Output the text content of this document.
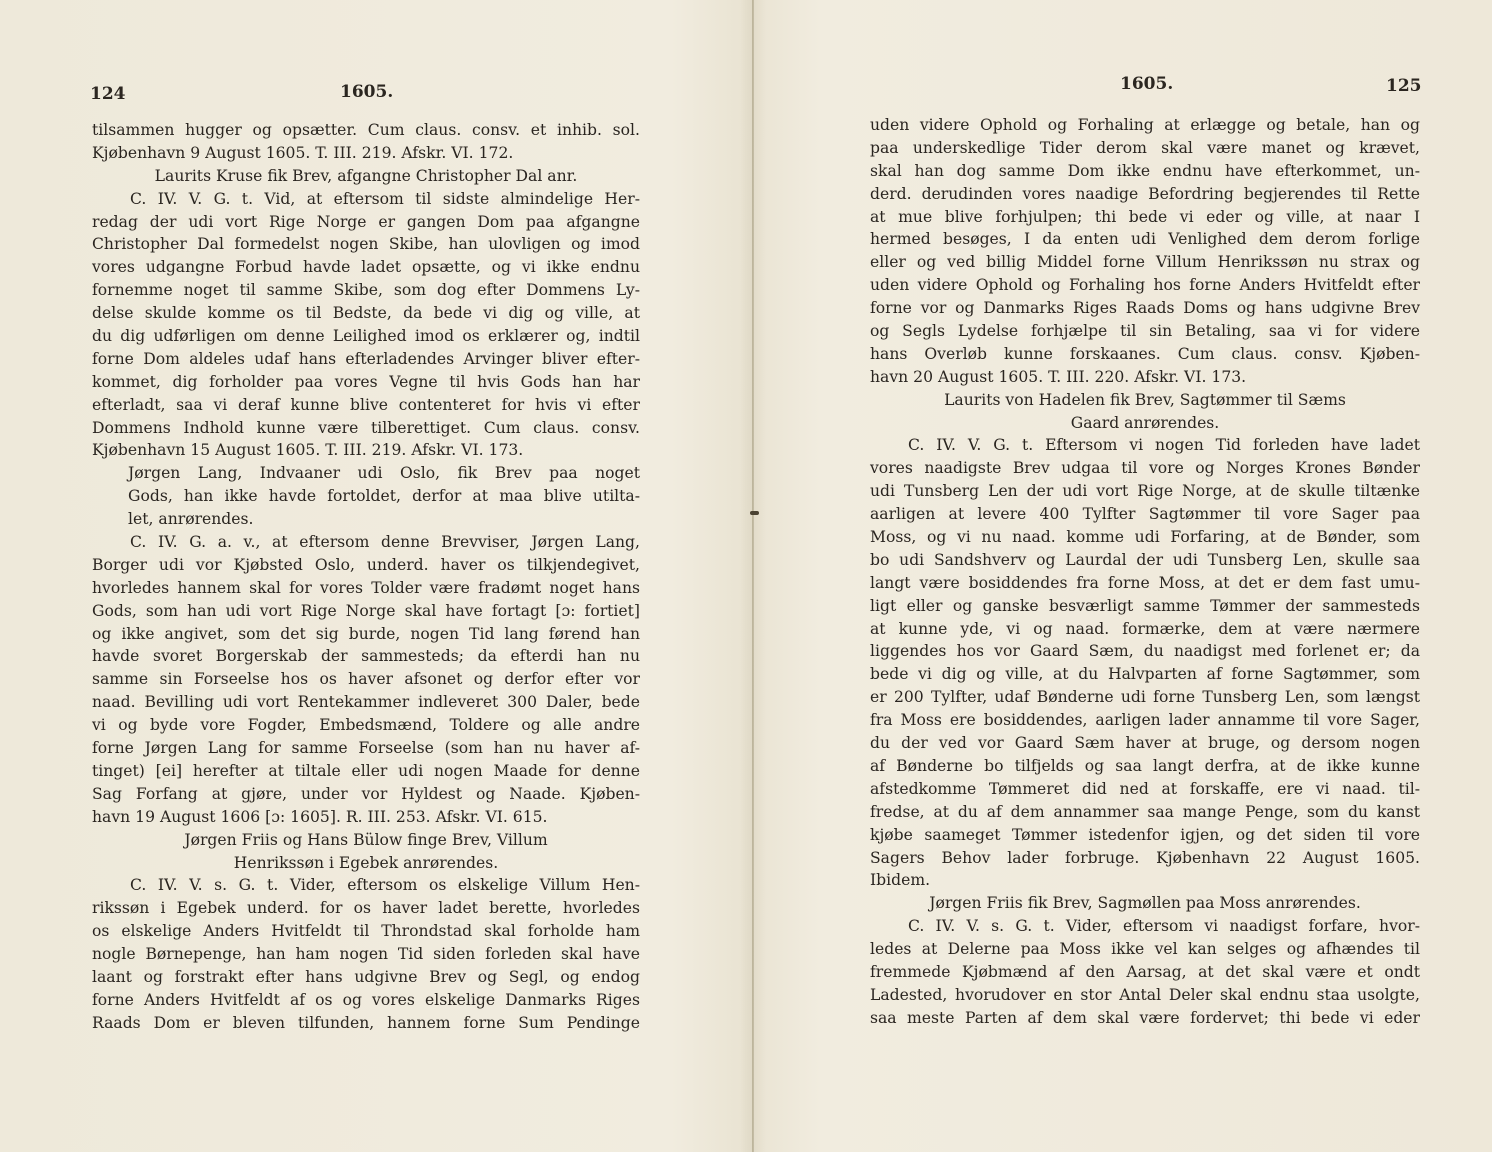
124	1605.
tilsammen hugger og opsætter. Cum claus. consv. et inhib. sol.
Kjøbenhavn 9 August 1605. T. III. 219. Afskr. VI. 172.
Laurits Kruse fik Brev, afgangne Christopher Dal anr.
C. IV. V. G. t. Vid, at eftersom til sidste almindelige Her-
redag der udi vort Rige Norge er gangen Dom paa afgangne
Christopher Dal formedelst nogen Skibe, han ulovligen og imod
vores udgangne Forbud havde ladet opsætte, og vi ikke endnu
fornemme noget til samme Skibe, som dog efter Dommens Ly-
delse skulde komme os til Bedste, da bede vi dig og ville, at
du dig udførligen om denne Leilighed imod os erklærer og, indtil
forne Dom aldeles udaf hans efterladendes Arvinger bliver efter-
kommet, dig forholder paa vores Vegne til hvis Gods han har
efterladt, saa vi deraf kunne blive contenteret for hvis vi efter
Dommens Indhold kunne være tilberettiget. Cum claus. consv.
Kjøbenhavn 15 August 1605. T. III. 219. Afskr. VI. 173.
Jørgen Lang, Indvaaner udi Oslo, fik Brev paa noget
Gods, han ikke havde fortoldet, derfor at maa blive utilta-
let, anrørendes.
C. IV. G. a. v., at eftersom denne Brevviser, Jørgen Lang,
Borger udi vor Kjøbsted Oslo, underd. haver os tilkjendegivet,
hvorledes hannem skal for vores Tolder være fradømt noget hans
Gods, som han udi vort Rige Norge skal have fortagt [ɔ: fortiet]
og ikke angivet, som det sig burde, nogen Tid lang førend han
havde svoret Borgerskab der sammesteds; da efterdi han nu
samme sin Forseelse hos os haver afsonet og derfor efter vor
naad. Bevilling udi vort Rentekammer indleveret 300 Daler, bede
vi og byde vore Fogder, Embedsmænd, Toldere og alle andre
forne Jørgen Lang for samme Forseelse (som han nu haver af-
tinget) [ei] herefter at tiltale eller udi nogen Maade for denne
Sag Forfang at gjøre, under vor Hyldest og Naade. Kjøben-
havn 19 August 1606 [ɔ: 1605]. R. III. 253. Afskr. VI. 615.
Jørgen Friis og Hans Bülow finge Brev, Villum
Henrikssøn i Egebek anrørendes.
C. IV. V. s. G. t. Vider, eftersom os elskelige Villum Hen-
rikssøn i Egebek underd. for os haver ladet berette, hvorledes
os elskelige Anders Hvitfeldt til Throndstad skal forholde ham
nogle Børnepenge, han ham nogen Tid siden forleden skal have
laant og forstrakt efter hans udgivne Brev og Segl, og endog
forne Anders Hvitfeldt af os og vores elskelige Danmarks Riges
Raads Dom er bleven tilfunden, hannem forne Sum Pendinge
1605.	125
uden videre Ophold og Forhaling at erlægge og betale, han og
paa underskedlige Tider derom skal være manet og krævet,
skal han dog samme Dom ikke endnu have efterkommet, un-
derd. derudinden vores naadige Befordring begjerendes til Rette
at mue blive forhjulpen; thi bede vi eder og ville, at naar I
hermed besøges, I da enten udi Venlighed dem derom forlige
eller og ved billig Middel forne Villum Henrikssøn nu strax og
uden videre Ophold og Forhaling hos forne Anders Hvitfeldt efter
forne vor og Danmarks Riges Raads Doms og hans udgivne Brev
og Segls Lydelse forhjælpe til sin Betaling, saa vi for videre
hans Overløb kunne forskaanes. Cum claus. consv. Kjøben-
havn 20 August 1605. T. III. 220. Afskr. VI. 173.
Laurits von Hadelen fik Brev, Sagtømmer til Sæms
Gaard anrørendes.
C. IV. V. G. t. Eftersom vi nogen Tid forleden have ladet
vores naadigste Brev udgaa til vore og Norges Krones Bønder
udi Tunsberg Len der udi vort Rige Norge, at de skulle tiltænke
aarligen at levere 400 Tylfter Sagtømmer til vore Sager paa
Moss, og vi nu naad. komme udi Forfaring, at de Bønder, som
bo udi Sandshverv og Laurdal der udi Tunsberg Len, skulle saa
langt være bosiddendes fra forne Moss, at det er dem fast umu-
ligt eller og ganske besværligt samme Tømmer der sammesteds
at kunne yde, vi og naad. formærke, dem at være nærmere
liggendes hos vor Gaard Sæm, du naadigst med forlenet er; da
bede vi dig og ville, at du Halvparten af forne Sagtømmer, som
er 200 Tylfter, udaf Bønderne udi forne Tunsberg Len, som længst
fra Moss ere bosiddendes, aarligen lader annamme til vore Sager,
du der ved vor Gaard Sæm haver at bruge, og dersom nogen
af Bønderne bo tilfjelds og saa langt derfra, at de ikke kunne
afstedkomme Tømmeret did ned at forskaffe, ere vi naad. til-
fredse, at du af dem annammer saa mange Penge, som du kanst
kjøbe saameget Tømmer istedenfor igjen, og det siden til vore
Sagers Behov lader forbruge. Kjøbenhavn 22 August 1605.
Ibidem.
Jørgen Friis fik Brev, Sagmøllen paa Moss anrørendes.
C. IV. V. s. G. t. Vider, eftersom vi naadigst forfare, hvor-
ledes at Delerne paa Moss ikke vel kan selges og afhændes til
fremmede Kjøbmænd af den Aarsag, at det skal være et ondt
Ladested, hvorudover en stor Antal Deler skal endnu staa usolgte,
saa meste Parten af dem skal være fordervet; thi bede vi eder
